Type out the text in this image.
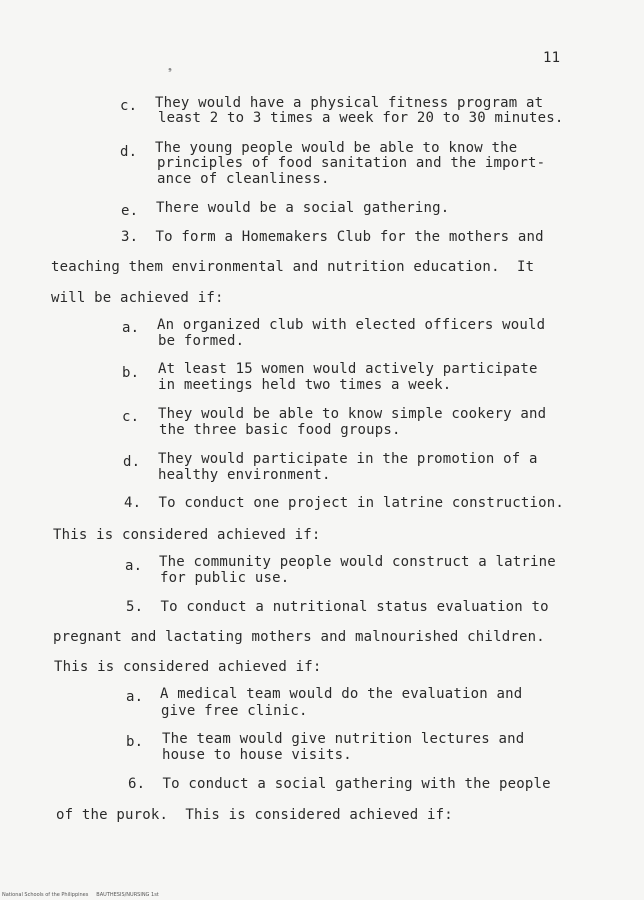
11
❟
c. They would have a physical fitness program at
least 2 to 3 times a week for 20 to 30 minutes.
d. The young people would be able to know the
principles of food sanitation and the import-
ance of cleanliness.
e. There would be a social gathering.
3.  To form a Homemakers Club for the mothers and
teaching them environmental and nutrition education.  It
will be achieved if:
a. An organized club with elected officers would
be formed.
b. At least 15 women would actively participate
in meetings held two times a week.
c. They would be able to know simple cookery and
the three basic food groups.
d. They would participate in the promotion of a
healthy environment.
4.  To conduct one project in latrine construction.
This is considered achieved if:
a. The community people would construct a latrine
for public use.
5.  To conduct a nutritional status evaluation to
pregnant and lactating mothers and malnourished children.
This is considered achieved if:
a. A medical team would do the evaluation and
give free clinic.
b. The team would give nutrition lectures and
house to house visits.
6.  To conduct a social gathering with the people
of the purok.  This is considered achieved if:
National Schools of the Philippines     BAUTHESIS/NURSING 1st
